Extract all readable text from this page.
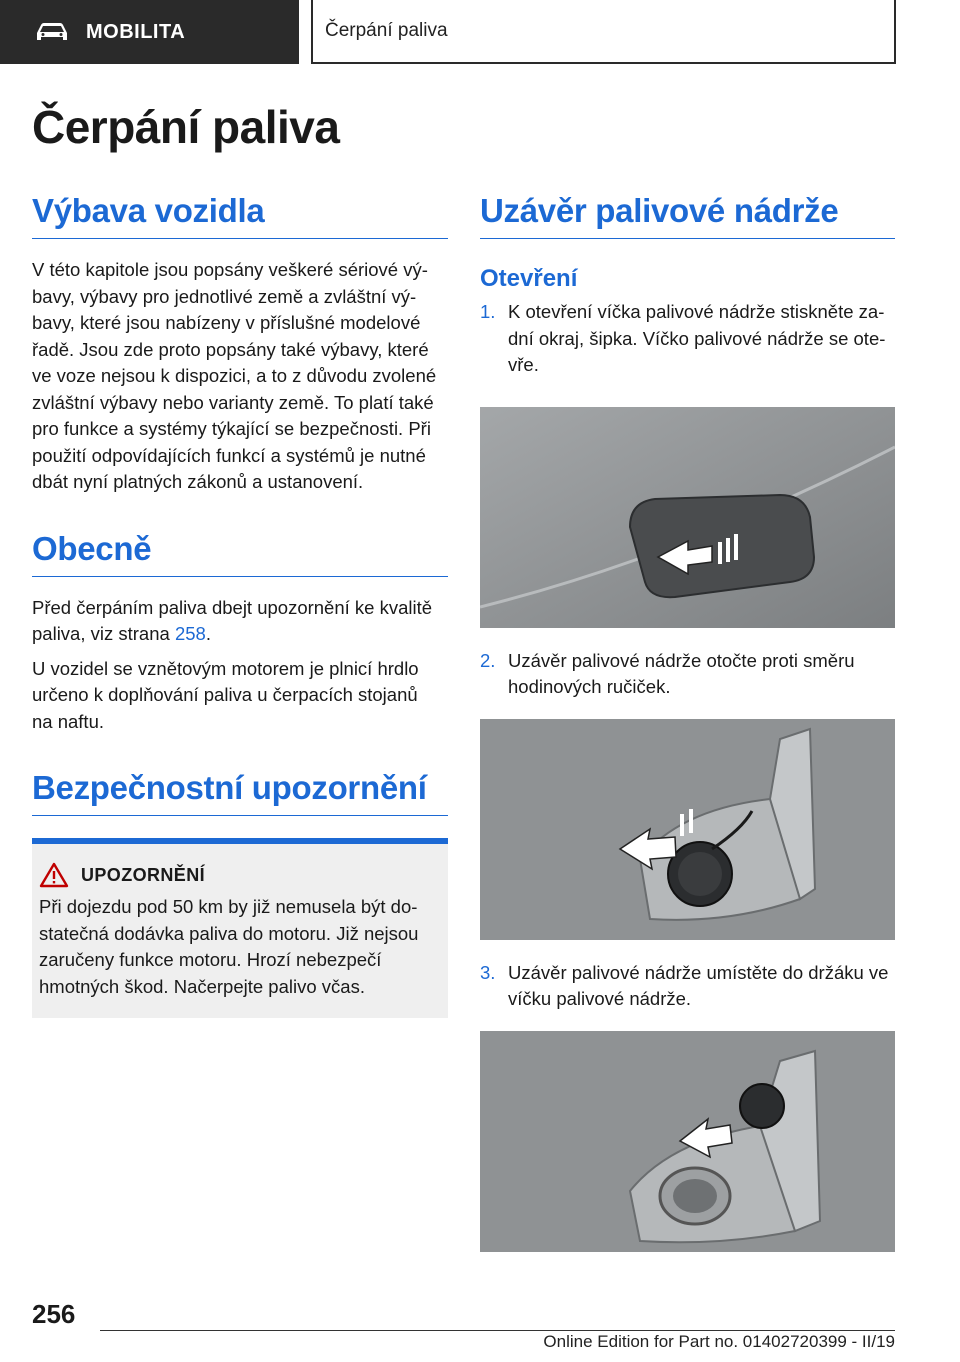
MOBILITA	Čerpání paliva
Čerpání paliva
Výbava vozidla

V této kapitole jsou popsány veškeré sériové vý‐
bavy, výbavy pro jednotlivé země a zvláštní vý‐
bavy, které jsou nabízeny v příslušné modelové
řadě. Jsou zde proto popsány také výbavy, které
ve voze nejsou k dispozici, a to z důvodu zvolené
zvláštní výbavy nebo varianty země. To platí také
pro funkce a systémy týkající se bezpečnosti. Při
použití odpovídajících funkcí a systémů je nutné
dbát nyní platných zákonů a ustanovení.

Obecně

Před čerpáním paliva dbejt upozornění ke kvalitě
paliva, viz strana 258.

U vozidel se vznětovým motorem je plnicí hrdlo
určeno k doplňování paliva u čerpacích stojanů
na naftu.

Bezpečnostní upozornění
UPOZORNĚNÍ

Při dojezdu pod 50 km by již nemusela být do‐
statečná dodávka paliva do motoru. Již nejsou
zaručeny funkce motoru. Hrozí nebezpečí
hmotných škod. Načerpejte palivo včas.

Uzávěr palivové nádrže
Otevření
1. K otevření víčka palivové nádrže stiskněte za‐
dní okraj, šipka. Víčko palivové nádrže se ote‐
vře.
2. Uzávěr palivové nádrže otočte proti směru
hodinových ručiček.
3. Uzávěr palivové nádrže umístěte do držáku ve
víčku palivové nádrže.
256
Online Edition for Part no. 01402720399 - II/19
